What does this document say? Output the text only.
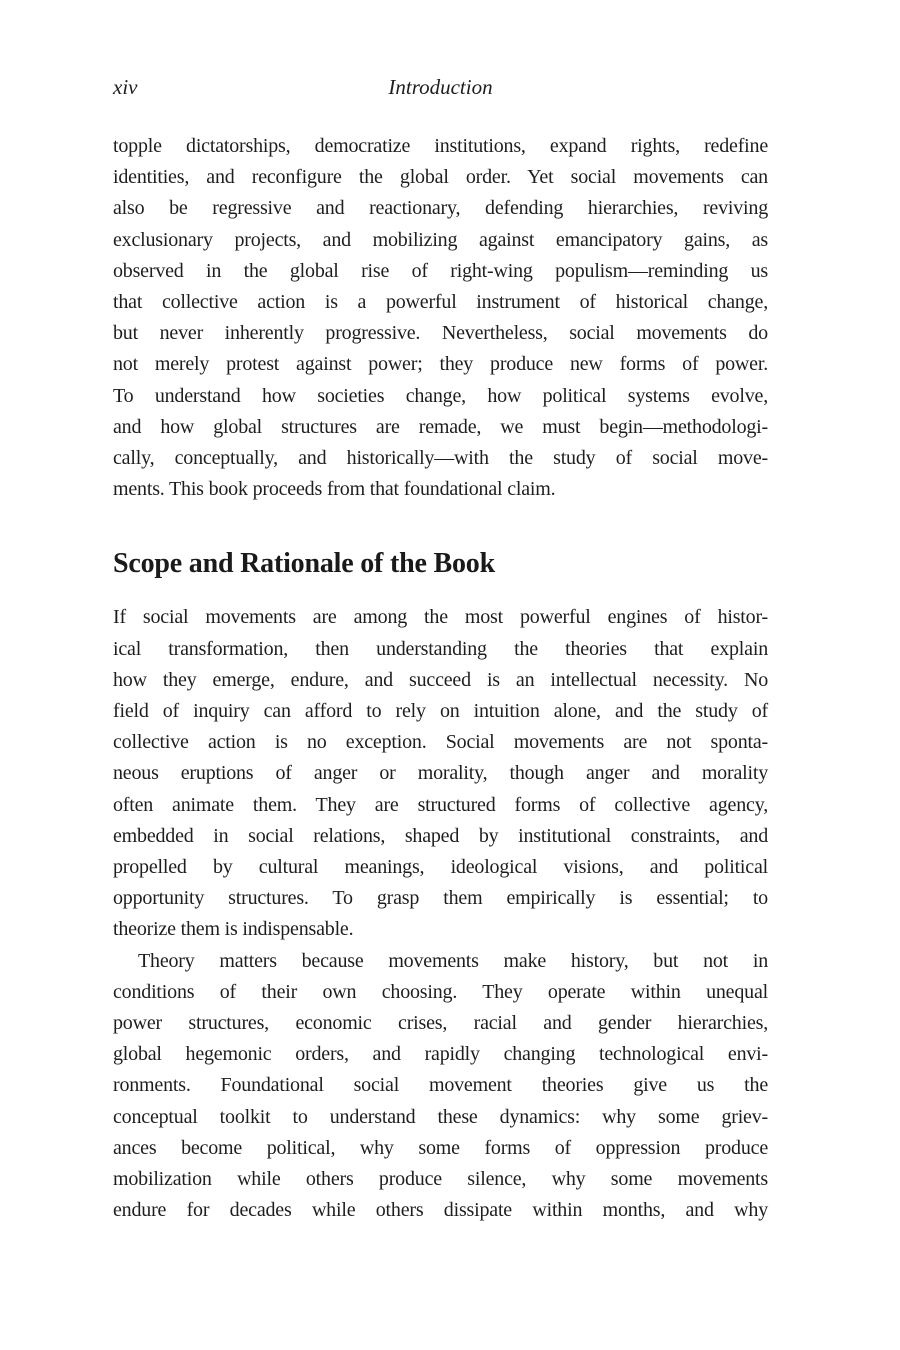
xiv	Introduction
topple dictatorships, democratize institutions, expand rights, redefine
identities, and reconfigure the global order. Yet social movements can
also be regressive and reactionary, defending hierarchies, reviving
exclusionary projects, and mobilizing against emancipatory gains, as
observed in the global rise of right-wing populism—reminding us
that collective action is a powerful instrument of historical change,
but never inherently progressive. Nevertheless, social movements do
not merely protest against power; they produce new forms of power.
To understand how societies change, how political systems evolve,
and how global structures are remade, we must begin—methodologi-
cally, conceptually, and historically—with the study of social move-
ments. This book proceeds from that foundational claim.
Scope and Rationale of the Book
If social movements are among the most powerful engines of histor-
ical transformation, then understanding the theories that explain
how they emerge, endure, and succeed is an intellectual necessity. No
field of inquiry can afford to rely on intuition alone, and the study of
collective action is no exception. Social movements are not sponta-
neous eruptions of anger or morality, though anger and morality
often animate them. They are structured forms of collective agency,
embedded in social relations, shaped by institutional constraints, and
propelled by cultural meanings, ideological visions, and political
opportunity structures. To grasp them empirically is essential; to
theorize them is indispensable.
Theory matters because movements make history, but not in
conditions of their own choosing. They operate within unequal
power structures, economic crises, racial and gender hierarchies,
global hegemonic orders, and rapidly changing technological envi-
ronments. Foundational social movement theories give us the
conceptual toolkit to understand these dynamics: why some griev-
ances become political, why some forms of oppression produce
mobilization while others produce silence, why some movements
endure for decades while others dissipate within months, and why
